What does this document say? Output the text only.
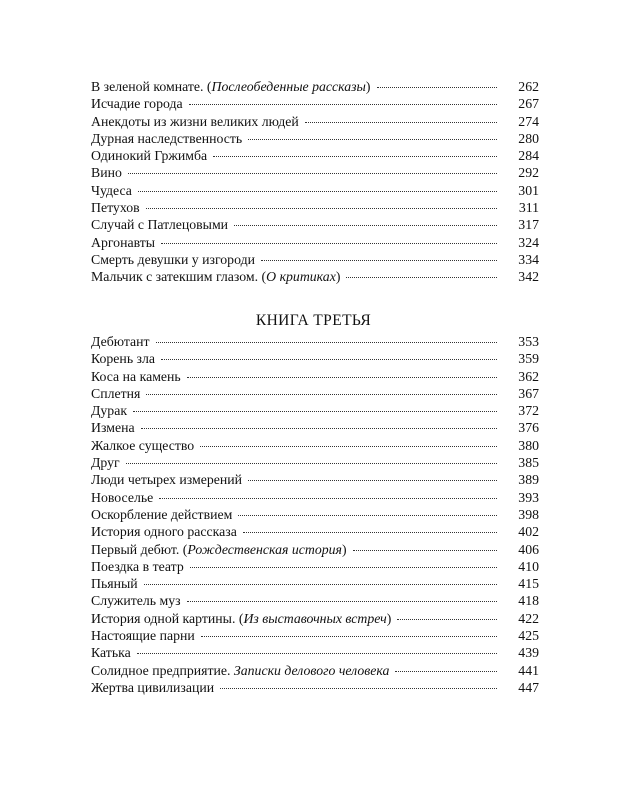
В зеленой комнате. (Послеобеденные рассказы)	262
Исчадие города	267
Анекдоты из жизни великих людей	274
Дурная наследственность	280
Одинокий Гржимба	284
Вино	292
Чудеса	301
Петухов	311
Случай с Патлецовыми	317
Аргонавты	324
Смерть девушки у изгороди	334
Мальчик с затекшим глазом. (О критиках)	342
КНИГА ТРЕТЬЯ
Дебютант	353
Корень зла	359
Коса на камень	362
Сплетня	367
Дурак	372
Измена	376
Жалкое существо	380
Друг	385
Люди четырех измерений	389
Новоселье	393
Оскорбление действием	398
История одного рассказа	402
Первый дебют. (Рождественская история)	406
Поездка в театр	410
Пьяный	415
Служитель муз	418
История одной картины. (Из выставочных встреч)	422
Настоящие парни	425
Катька	439
Солидное предприятие. Записки делового человека	441
Жертва цивилизации	447
